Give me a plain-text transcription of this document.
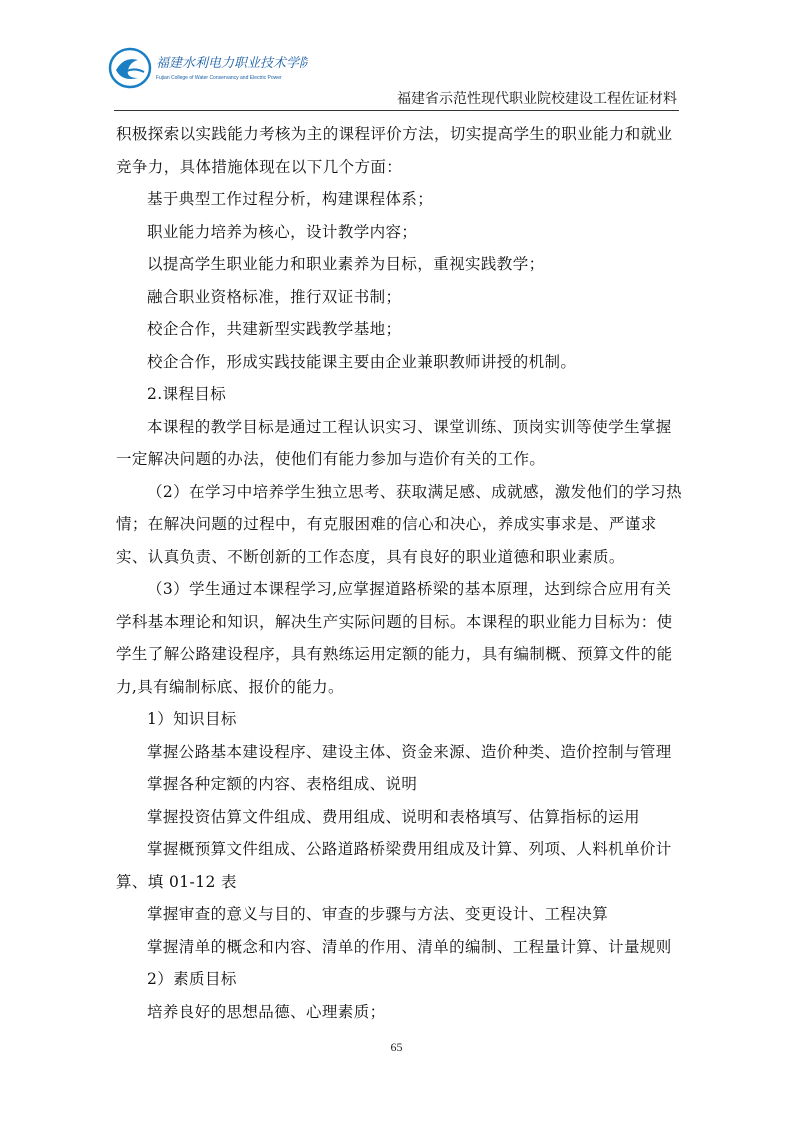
福建水利电力职业技术学院
Fujian College of Water Conservancy and Electric Power
福建省示范性现代职业院校建设工程佐证材料

积极探索以实践能力考核为主的课程评价方法，切实提高学生的职业能力和就业竞争力，具体措施体现在以下几个方面：

基于典型工作过程分析，构建课程体系；

职业能力培养为核心，设计教学内容；

以提高学生职业能力和职业素养为目标，重视实践教学；

融合职业资格标准，推行双证书制；

校企合作，共建新型实践教学基地；

校企合作，形成实践技能课主要由企业兼职教师讲授的机制。

2.课程目标

本课程的教学目标是通过工程认识实习、课堂训练、顶岗实训等使学生掌握一定解决问题的办法，使他们有能力参加与造价有关的工作。

（2）在学习中培养学生独立思考、获取满足感、成就感，激发他们的学习热情；在解决问题的过程中，有克服困难的信心和决心，养成实事求是、严谨求实、认真负责、不断创新的工作态度，具有良好的职业道德和职业素质。

（3）学生通过本课程学习,应掌握道路桥梁的基本原理，达到综合应用有关学科基本理论和知识，解决生产实际问题的目标。本课程的职业能力目标为：使学生了解公路建设程序，具有熟练运用定额的能力，具有编制概、预算文件的能力,具有编制标底、报价的能力。

1）知识目标

掌握公路基本建设程序、建设主体、资金来源、造价种类、造价控制与管理

掌握各种定额的内容、表格组成、说明

掌握投资估算文件组成、费用组成、说明和表格填写、估算指标的运用

掌握概预算文件组成、公路道路桥梁费用组成及计算、列项、人料机单价计算、填 01-12 表

掌握审查的意义与目的、审查的步骤与方法、变更设计、工程决算

掌握清单的概念和内容、清单的作用、清单的编制、工程量计算、计量规则

2）素质目标

培养良好的思想品德、心理素质；

65
